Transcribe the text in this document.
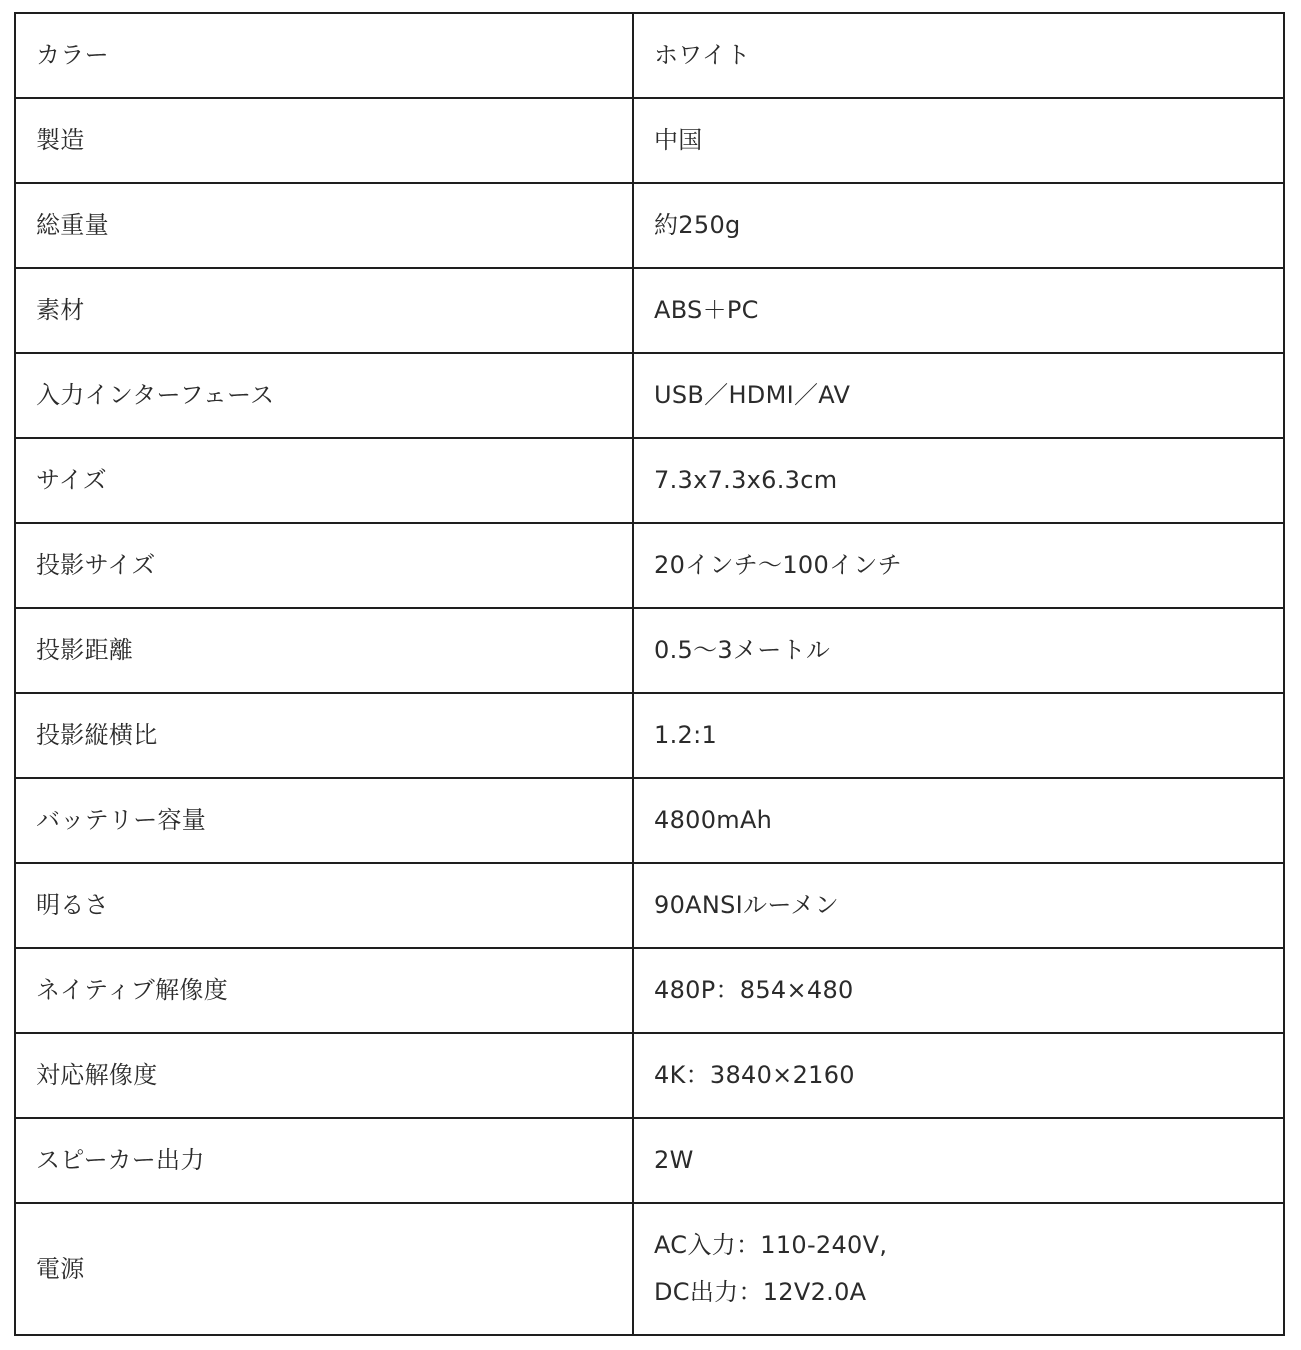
カラー	ホワイト
製造	中国
総重量	約250g
素材	ABS＋PC
入力インターフェース	USB／HDMI／AV
サイズ	7.3x7.3x6.3cm
投影サイズ	20インチ〜100インチ
投影距離	0.5〜3メートル
投影縦横比	1.2:1
バッテリー容量	4800mAh
明るさ	90ANSIルーメン
ネイティブ解像度	480P：854×480
対応解像度	4K：3840×2160
スピーカー出力	2W
電源	AC入力：110-240V,
DC出力：12V2.0A
